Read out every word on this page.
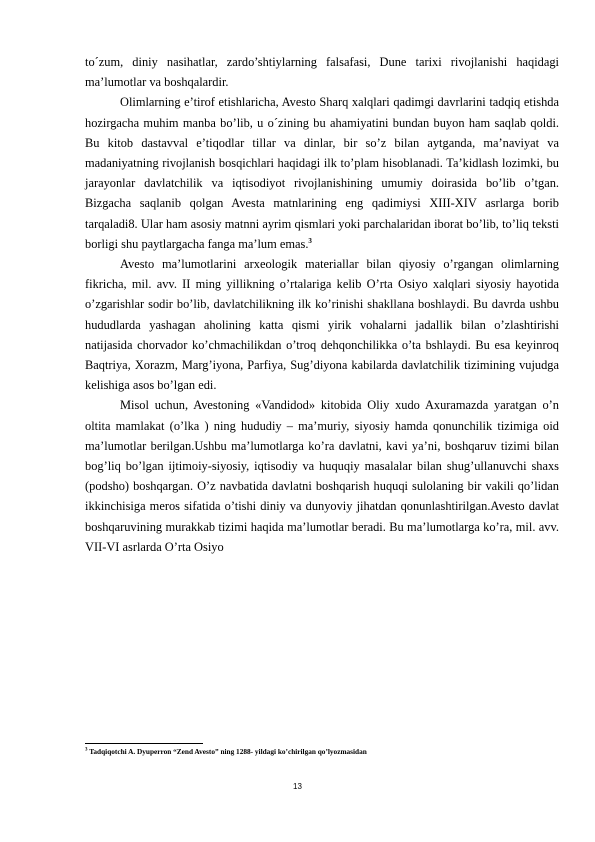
to´zum, diniy nasihatlar, zardo’shtiylarning falsafasi, Dune tarixi rivojlanishi haqidagi ma’lumotlar va boshqalardir.

Olimlarning e’tirof etishlaricha, Avesto Sharq xalqlari qadimgi davrlarini tadqiq etishda hozirgacha muhim manba bo’lib, u o´zining bu ahamiyatini bundan buyon ham saqlab qoldi. Bu kitob dastavval e’tiqodlar tillar va dinlar, bir so’z bilan aytganda, ma’naviyat va madaniyatning rivojlanish bosqichlari haqidagi ilk to’plam hisoblanadi. Ta’kidlash lozimki, bu jarayonlar davlatchilik va iqtisodiyot rivojlanishining umumiy doirasida bo’lib o’tgan. Bizgacha saqlanib qolgan Avesta matnlarining eng qadimiysi XIII-XIV asrlarga borib tarqaladi8. Ular ham asosiy matnni ayrim qismlari yoki parchalaridan iborat bo’lib, to’liq teksti borligi shu paytlargacha fanga ma’lum emas.$^3$

Avesto ma’lumotlarini arxeologik materiallar bilan qiyosiy o’rgangan olimlarning fikricha, mil. avv. II ming yillikning o’rtalariga kelib O’rta Osiyo xalqlari siyosiy hayotida o’zgarishlar sodir bo’lib, davlatchilikning ilk ko’rinishi shakllana boshlaydi. Bu davrda ushbu hududlarda yashagan aholining katta qismi yirik vohalarni jadallik bilan o’zlashtirishi natijasida chorvador ko’chmachilikdan o’troq dehqonchilikka o’ta bshlaydi. Bu esa keyinroq Baqtriya, Xorazm, Marg’iyona, Parfiya, Sug’diyona kabilarda davlatchilik tizimining vujudga kelishiga asos bo’lgan edi.

Misol uchun, Avestoning «Vandidod» kitobida Oliy xudo Axuramazda yaratgan o’n oltita mamlakat (o’lka ) ning hududiy – ma’muriy, siyosiy hamda qonunchilik tizimiga oid ma’lumotlar berilgan.Ushbu ma’lumotlarga ko’ra davlatni, kavi ya’ni, boshqaruv tizimi bilan bog’liq bo’lgan ijtimoiy-siyosiy, iqtisodiy va huquqiy masalalar bilan shug’ullanuvchi shaxs (podsho) boshqargan. O’z navbatida davlatni boshqarish huquqi sulolaning bir vakili qo’lidan ikkinchisiga meros sifatida o’tishi diniy va dunyoviy jihatdan qonunlashtirilgan.Avesto davlat boshqaruvining murakkab tizimi haqida ma’lumotlar beradi. Bu ma’lumotlarga ko’ra, mil. avv. VII-VI asrlarda O’rta Osiyo

$^3$ Tadqiqotchi A. Dyuperron “Zend Avesto” ning 1288- yildagi ko’chirilgan qo’lyozmasidan
13
